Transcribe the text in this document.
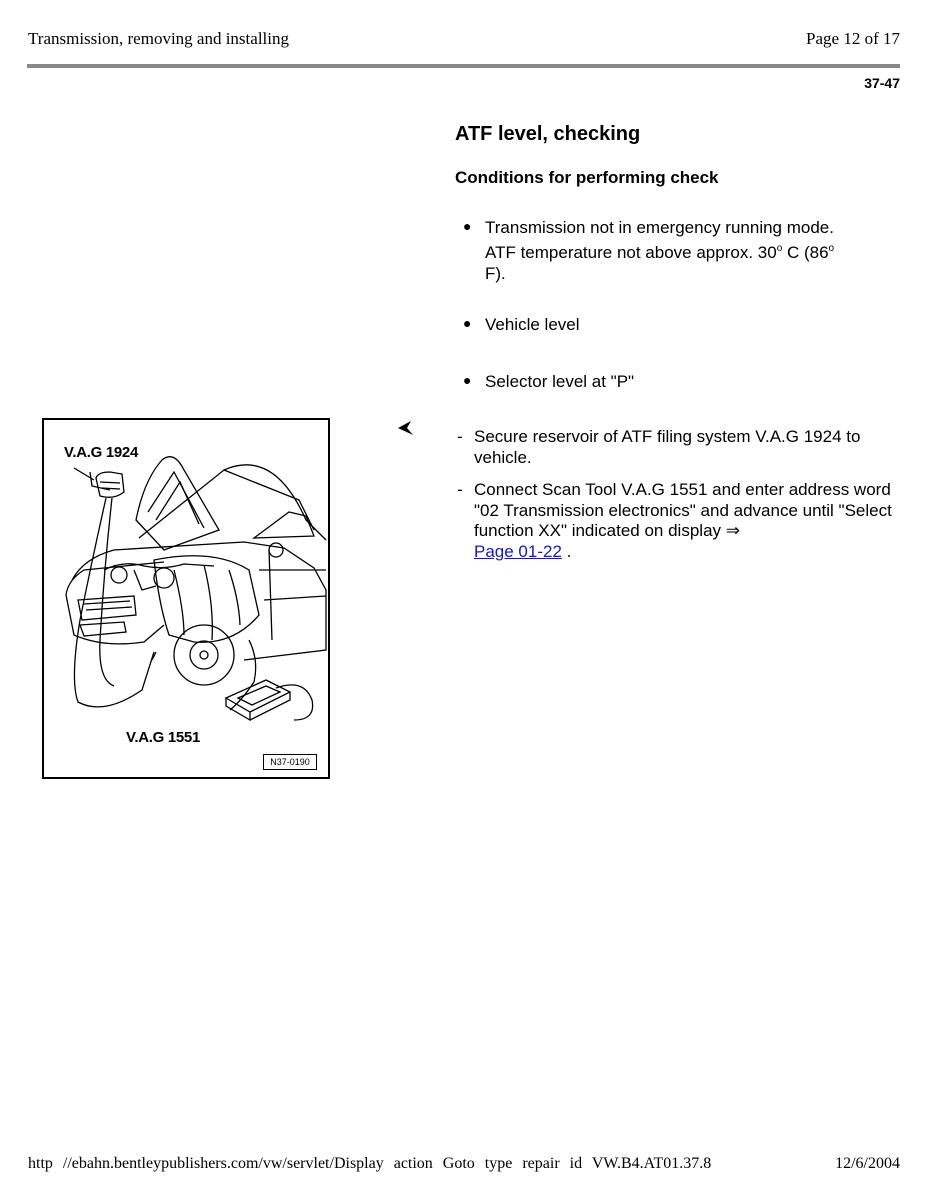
Transmission, removing and installing	Page 12 of 17
37-47
ATF level, checking
Conditions for performing check
● Transmission not in emergency running mode. ATF temperature not above approx. 30$^o$ C (86$^o$ F).
● Vehicle level
● Selector level at "P"
- Secure reservoir of ATF filing system V.A.G 1924 to vehicle.
- Connect Scan Tool V.A.G 1551 and enter address word "02 Transmission electronics" and advance until "Select function XX" indicated on display ⇒
Page 01-22 .
V.A.G 1924
V.A.G 1551
N37-0190
http //ebahn.bentleypublishers.com/vw/servlet/Display action Goto type repair id VW.B4.AT01.37.8	12/6/2004
